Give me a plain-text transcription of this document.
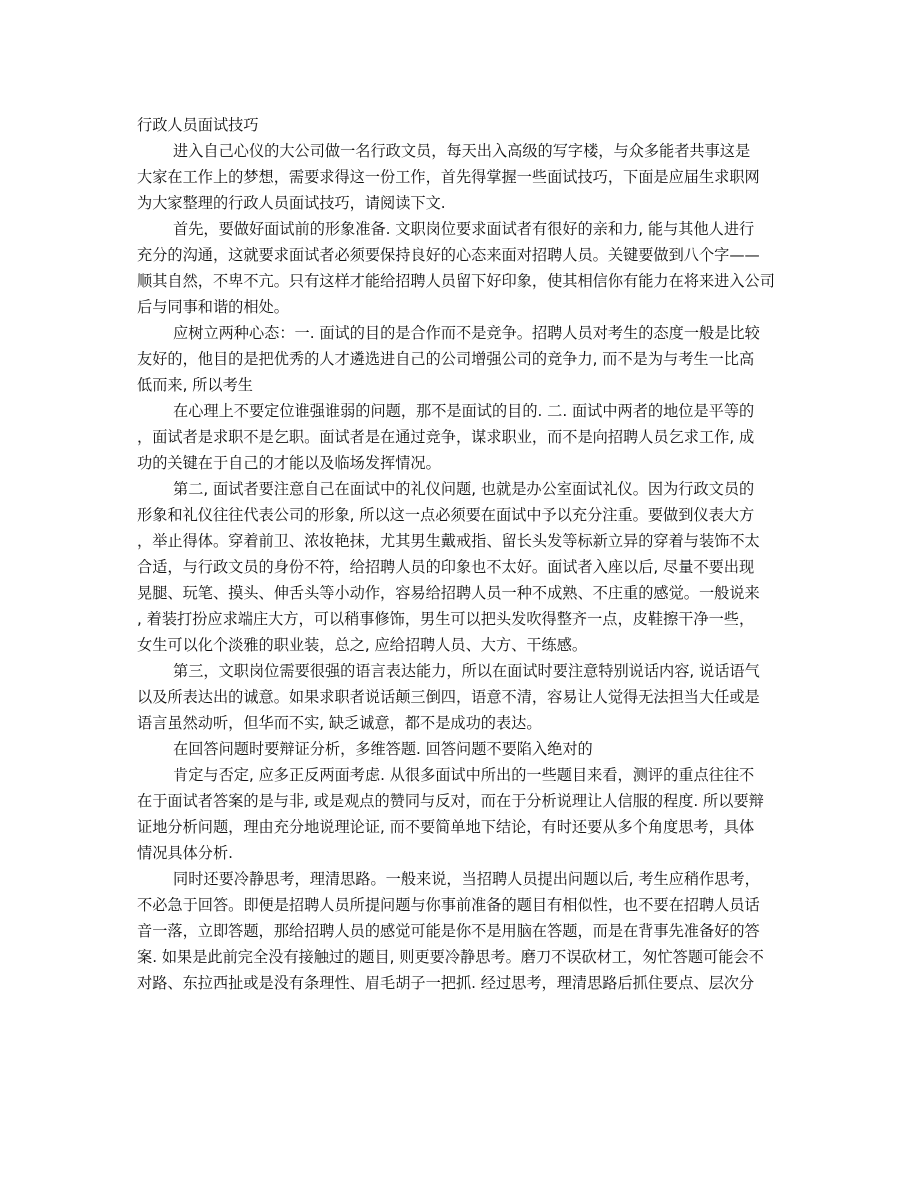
行政人员面试技巧

进入自己心仪的大公司做一名行政文员，每天出入高级的写字楼，与众多能者共事这是
大家在工作上的梦想，需要求得这一份工作，首先得掌握一些面试技巧，下面是应届生求职网
为大家整理的行政人员面试技巧，请阅读下文.

首先，要做好面试前的形象准备. 文职岗位要求面试者有很好的亲和力, 能与其他人进行
充分的沟通，这就要求面试者必须要保持良好的心态来面对招聘人员。关键要做到八个字——
顺其自然，不卑不亢。只有这样才能给招聘人员留下好印象，使其相信你有能力在将来进入公司
后与同事和谐的相处。

应树立两种心态：一. 面试的目的是合作而不是竞争。招聘人员对考生的态度一般是比较
友好的，他目的是把优秀的人才遴选进自己的公司增强公司的竞争力, 而不是为与考生一比高
低而来, 所以考生

在心理上不要定位谁强谁弱的问题，那不是面试的目的. 二. 面试中两者的地位是平等的
，面试者是求职不是乞职。面试者是在通过竞争，谋求职业，而不是向招聘人员乞求工作, 成
功的关键在于自己的才能以及临场发挥情况。

第二, 面试者要注意自己在面试中的礼仪问题, 也就是办公室面试礼仪。因为行政文员的
形象和礼仪往往代表公司的形象, 所以这一点必须要在面试中予以充分注重。要做到仪表大方
，举止得体。穿着前卫、浓妆艳抹，尤其男生戴戒指、留长头发等标新立异的穿着与装饰不太
合适，与行政文员的身份不符，给招聘人员的印象也不太好。面试者入座以后, 尽量不要出现
晃腿、玩笔、摸头、伸舌头等小动作，容易给招聘人员一种不成熟、不庄重的感觉。一般说来
, 着装打扮应求端庄大方，可以稍事修饰，男生可以把头发吹得整齐一点，皮鞋擦干净一些，
女生可以化个淡雅的职业装，总之, 应给招聘人员、大方、干练感。

第三，文职岗位需要很强的语言表达能力，所以在面试时要注意特别说话内容, 说话语气
以及所表达出的诚意。如果求职者说话颠三倒四，语意不清，容易让人觉得无法担当大任或是
语言虽然动听，但华而不实, 缺乏诚意，都不是成功的表达。

在回答问题时要辩证分析，多维答题. 回答问题不要陷入绝对的

肯定与否定, 应多正反两面考虑. 从很多面试中所出的一些题目来看，测评的重点往往不
在于面试者答案的是与非, 或是观点的赞同与反对，而在于分析说理让人信服的程度. 所以要辩
证地分析问题，理由充分地说理论证, 而不要简单地下结论，有时还要从多个角度思考，具体
情况具体分析.

同时还要冷静思考，理清思路。一般来说，当招聘人员提出问题以后, 考生应稍作思考，
不必急于回答。即便是招聘人员所提问题与你事前准备的题目有相似性，也不要在招聘人员话
音一落，立即答题，那给招聘人员的感觉可能是你不是用脑在答题，而是在背事先准备好的答
案. 如果是此前完全没有接触过的题目, 则更要冷静思考。磨刀不误砍材工，匆忙答题可能会不
对路、东拉西扯或是没有条理性、眉毛胡子一把抓. 经过思考，理清思路后抓住要点、层次分
